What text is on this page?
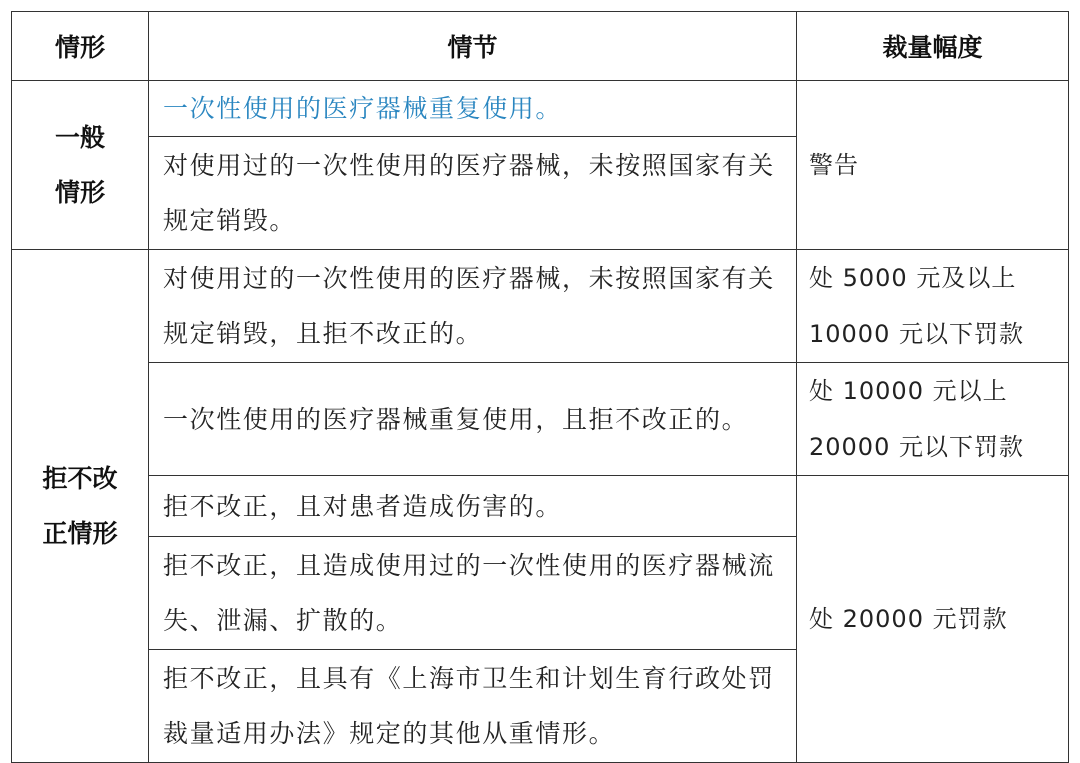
情形	情节	裁量幅度

一般
情形	一次性使用的医疗器械重复使用。	警告
	对使用过的一次性使用的医疗器械，未按照国家有关规定销毁。	

拒不改
正情形	对使用过的一次性使用的医疗器械，未按照国家有关规定销毁，且拒不改正的。	处 5000 元及以上 10000 元以下罚款
	一次性使用的医疗器械重复使用，且拒不改正的。	处 10000 元以上 20000 元以下罚款
	拒不改正，且对患者造成伤害的。	处 20000 元罚款
	拒不改正，且造成使用过的一次性使用的医疗器械流失、泄漏、扩散的。	
	拒不改正，且具有《上海市卫生和计划生育行政处罚裁量适用办法》规定的其他从重情形。	
